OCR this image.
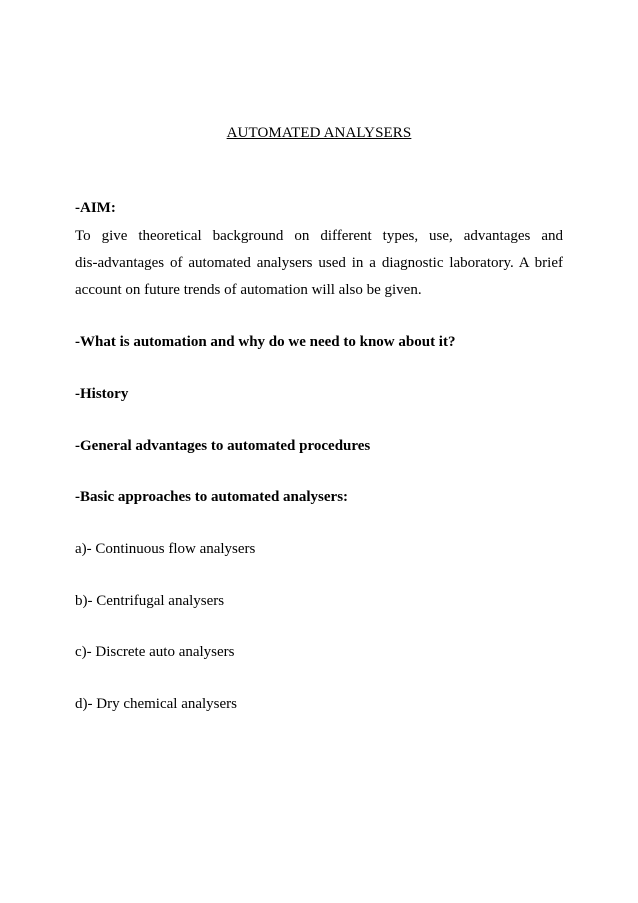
AUTOMATED ANALYSERS
-AIM:
To give theoretical background on different types, use, advantages and
dis-advantages of automated analysers used in a diagnostic laboratory. A brief
account on future trends of automation will also be given.
-What is automation and why do we need to know about it?
-History
-General advantages to automated procedures
-Basic approaches to automated analysers:
a)- Continuous flow analysers
b)- Centrifugal analysers
c)- Discrete auto analysers
d)- Dry chemical analysers
